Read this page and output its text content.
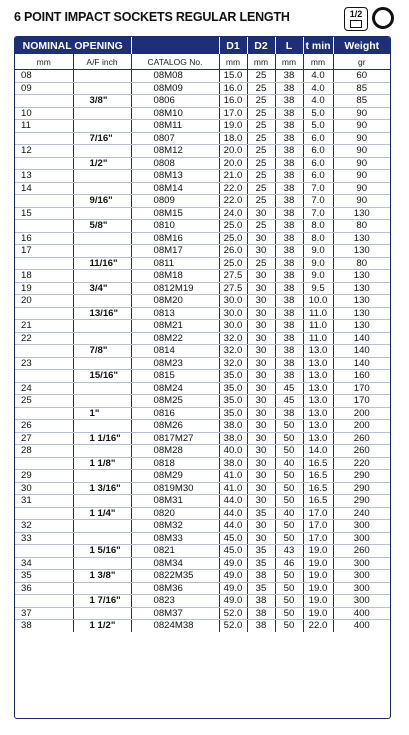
6 POINT IMPACT SOCKETS REGULAR LENGTH	1/2
NOMINAL OPENING			D1	D2	L	t min	Weight
mm	A/F inch	CATALOG No.	mm	mm	mm	mm	gr
08		08M08	15.0	25	38	4.0	60
09		08M09	16.0	25	38	4.0	85
	3/8"	0806	16.0	25	38	4.0	85
10		08M10	17.0	25	38	5.0	90
11		08M11	19.0	25	38	5.0	90
	7/16"	0807	18.0	25	38	6.0	90
12		08M12	20.0	25	38	6.0	90
	1/2"	0808	20.0	25	38	6.0	90
13		08M13	21.0	25	38	6.0	90
14		08M14	22.0	25	38	7.0	90
	9/16"	0809	22.0	25	38	7.0	90
15		08M15	24.0	30	38	7.0	130
	5/8"	0810	25.0	25	38	8.0	80
16		08M16	25.0	30	38	8.0	130
17		08M17	26.0	30	38	9.0	130
	11/16"	0811	25.0	25	38	9.0	80
18		08M18	27.5	30	38	9.0	130
19	3/4"	0812M19	27.5	30	38	9.5	130
20		08M20	30.0	30	38	10.0	130
	13/16"	0813	30.0	30	38	11.0	130
21		08M21	30.0	30	38	11.0	130
22		08M22	32.0	30	38	11.0	140
	7/8"	0814	32.0	30	38	13.0	140
23		08M23	32.0	30	38	13.0	140
	15/16"	0815	35.0	30	38	13.0	160
24		08M24	35.0	30	45	13.0	170
25		08M25	35.0	30	45	13.0	170
	1"	0816	35.0	30	38	13.0	200
26		08M26	38.0	30	50	13.0	200
27	1 1/16"	0817M27	38.0	30	50	13.0	260
28		08M28	40.0	30	50	14.0	260
	1 1/8"	0818	38.0	30	40	16.5	220
29		08M29	41.0	30	50	16.5	290
30	1 3/16"	0819M30	41.0	30	50	16.5	290
31		08M31	44.0	30	50	16.5	290
	1 1/4"	0820	44.0	35	40	17.0	240
32		08M32	44.0	30	50	17.0	300
33		08M33	45.0	30	50	17.0	300
	1 5/16"	0821	45.0	35	43	19.0	260
34		08M34	49.0	35	46	19.0	300
35	1 3/8"	0822M35	49.0	38	50	19.0	300
36		08M36	49.0	35	50	19.0	300
	1 7/16"	0823	49.0	38	50	19.0	300
37		08M37	52.0	38	50	19.0	400
38	1 1/2"	0824M38	52.0	38	50	22.0	400
